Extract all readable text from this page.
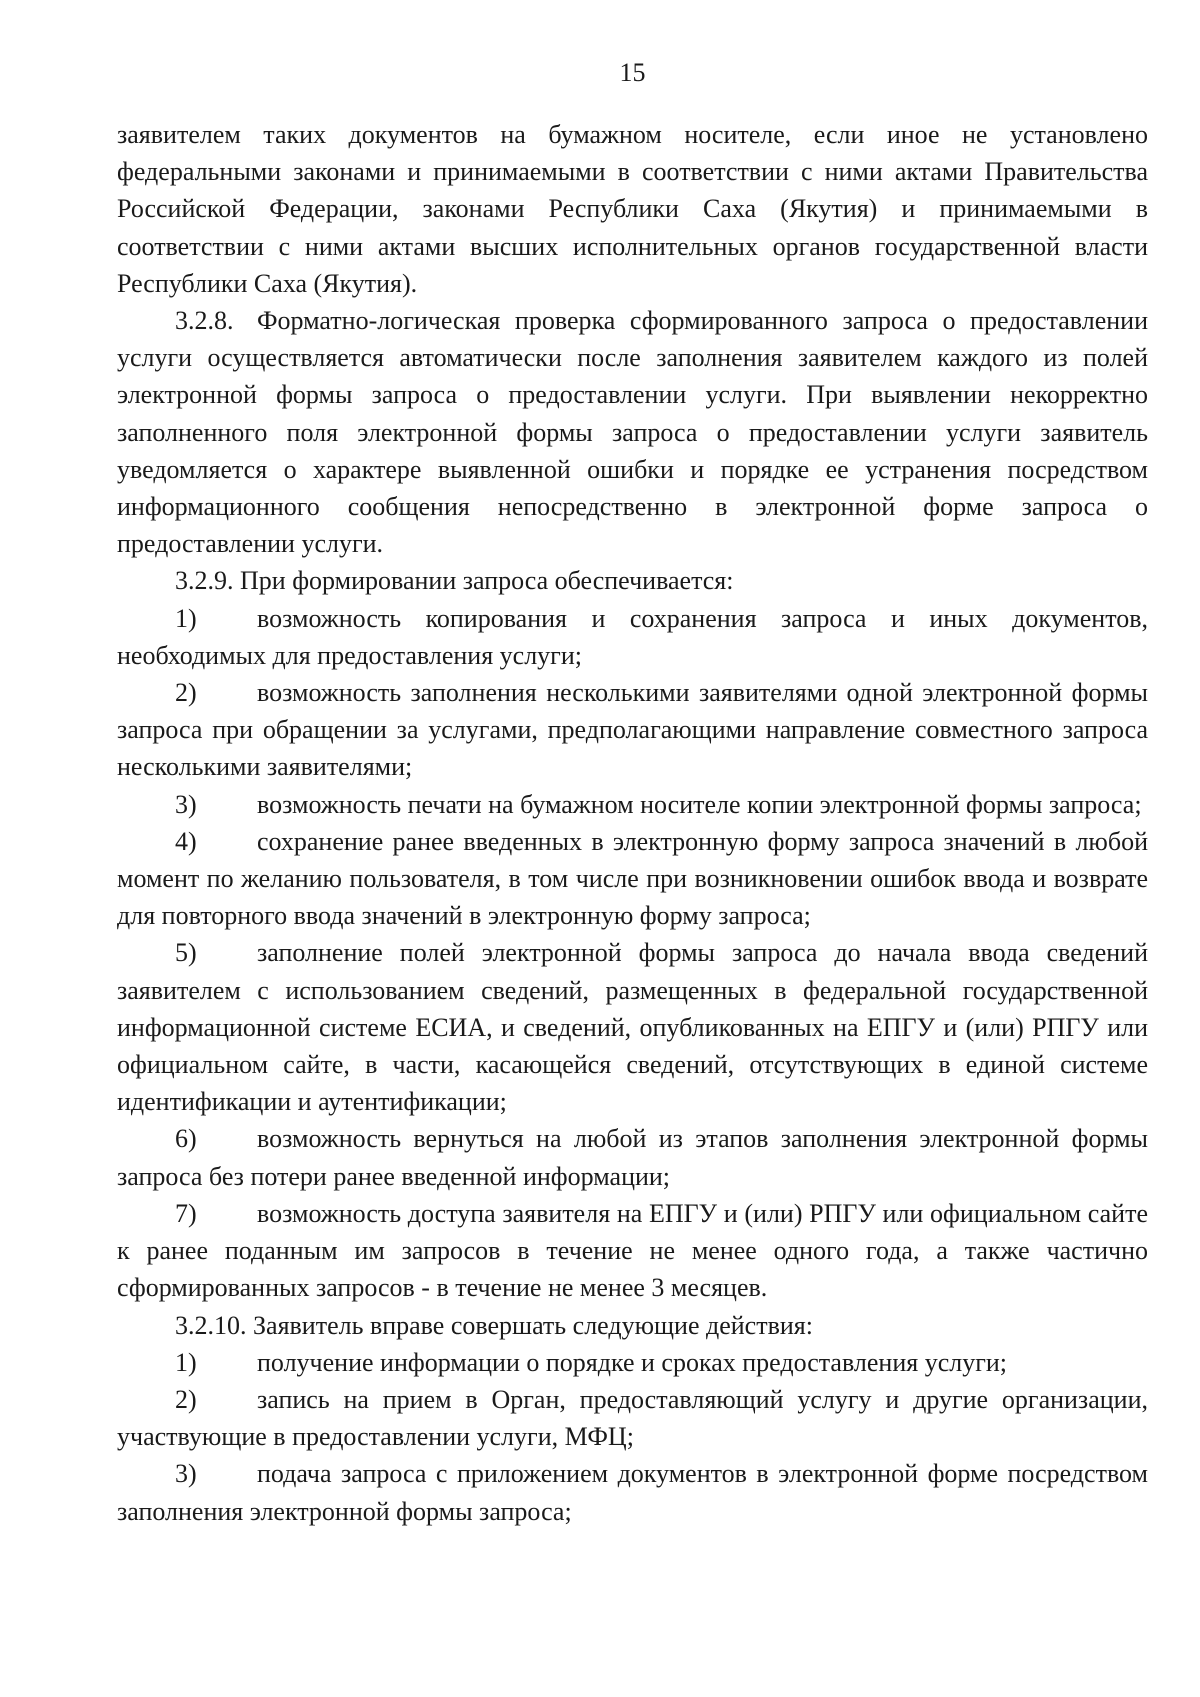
15

заявителем таких документов на бумажном носителе, если иное не установлено федеральными законами и принимаемыми в соответствии с ними актами Правительства Российской Федерации, законами Республики Саха (Якутия) и принимаемыми в соответствии с ними актами высших исполнительных органов государственной власти Республики Саха (Якутия).

3.2.8. Форматно-логическая проверка сформированного запроса о предоставлении услуги осуществляется автоматически после заполнения заявителем каждого из полей электронной формы запроса о предоставлении услуги. При выявлении некорректно заполненного поля электронной формы запроса о предоставлении услуги заявитель уведомляется о характере выявленной ошибки и порядке ее устранения посредством информационного сообщения непосредственно в электронной форме запроса о предоставлении услуги.

3.2.9. При формировании запроса обеспечивается:

1) возможность копирования и сохранения запроса и иных документов, необходимых для предоставления услуги;

2) возможность заполнения несколькими заявителями одной электронной формы запроса при обращении за услугами, предполагающими направление совместного запроса несколькими заявителями;

3) возможность печати на бумажном носителе копии электронной формы запроса;

4) сохранение ранее введенных в электронную форму запроса значений в любой момент по желанию пользователя, в том числе при возникновении ошибок ввода и возврате для повторного ввода значений в электронную форму запроса;

5) заполнение полей электронной формы запроса до начала ввода сведений заявителем с использованием сведений, размещенных в федеральной государственной информационной системе ЕСИА, и сведений, опубликованных на ЕПГУ и (или) РПГУ или официальном сайте, в части, касающейся сведений, отсутствующих в единой системе идентификации и аутентификации;

6) возможность вернуться на любой из этапов заполнения электронной формы запроса без потери ранее введенной информации;

7) возможность доступа заявителя на ЕПГУ и (или) РПГУ или официальном сайте к ранее поданным им запросов в течение не менее одного года, а также частично сформированных запросов - в течение не менее 3 месяцев.

3.2.10. Заявитель вправе совершать следующие действия:

1) получение информации о порядке и сроках предоставления услуги;

2) запись на прием в Орган, предоставляющий услугу и другие организации, участвующие в предоставлении услуги, МФЦ;

3) подача запроса с приложением документов в электронной форме посредством заполнения электронной формы запроса;
